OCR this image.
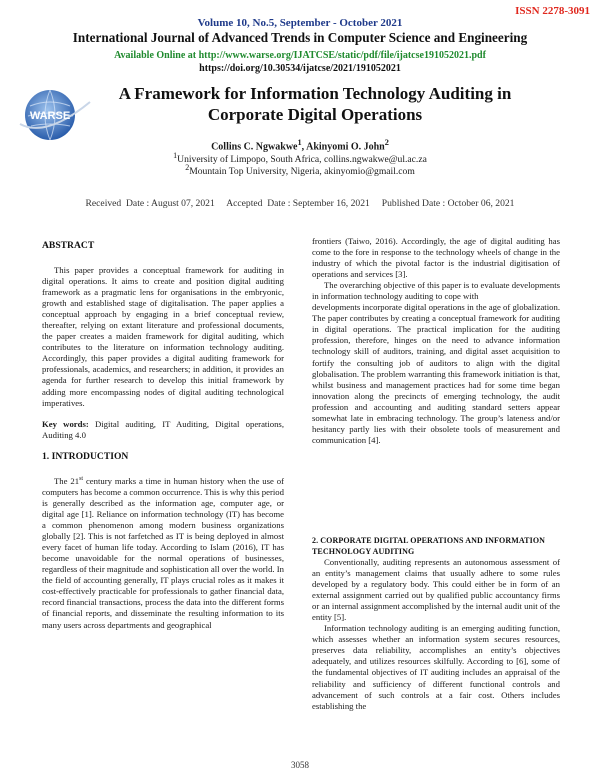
ISSN 2278-3091
Volume 10, No.5, September - October 2021
International Journal of Advanced Trends in Computer Science and Engineering
Available Online at http://www.warse.org/IJATCSE/static/pdf/file/ijatcse191052021.pdf
https://doi.org/10.30534/ijatcse/2021/191052021
WARSE
A Framework for Information Technology Auditing in
Corporate Digital Operations
Collins C. Ngwakwe$^1$, Akinyomi O. John$^2$
$^1$University of Limpopo, South Africa, collins.ngwakwe@ul.ac.za
$^2$Mountain Top University, Nigeria, akinyomio@gmail.com
Received  Date : August 07, 2021     Accepted  Date : September 16, 2021     Published Date : October 06, 2021
ABSTRACT

This paper provides a conceptual framework for auditing in digital operations. It aims to create and position digital auditing framework as a pragmatic lens for organisations in the embryonic, growth and established stage of digitalisation. The paper applies a conceptual approach by engaging in a brief conceptual review, thereafter, relying on extant literature and professional documents, the paper creates a maiden framework for digital auditing, which contributes to the literature on information technology auditing. Accordingly, this paper provides a digital auditing framework for professionals, academics, and researchers; in addition, it provides an agenda for further research to develop this initial framework by adding more encompassing nodes of digital auditing technological imperatives.

Key words: Digital auditing, IT Auditing, Digital operations, Auditing 4.0
1. INTRODUCTION

The 21st century marks a time in human history when the use of computers has become a common occurrence. This is why this period is generally described as the information age, computer age, or digital age [1]. Reliance on information technology (IT) has become a common phenomenon among modern business organizations globally [2]. This is not farfetched as IT is being deployed in almost every facet of human life today. According to Islam (2016), IT has become unavoidable for the normal operations of businesses, regardless of their magnitude and sophistication all over the world. In the field of accounting generally, IT plays crucial roles as it makes it cost-effectively practicable for professionals to gather financial data, record financial transactions, process the data into the different forms of financial reports, and disseminate the resulting information to its many users across departments and geographical

frontiers (Taiwo, 2016). Accordingly, the age of digital auditing has come to the fore in response to the technology wheels of change in the industry of which the pivotal factor is the industrial digitisation of operations and services [3].

The overarching objective of this paper is to evaluate developments in information technology auditing to cope with

developments incorporate digital operations in the age of globalization. The paper contributes by creating a conceptual framework for auditing in digital operations. The practical implication for the auditing profession, therefore, hinges on the need to advance information technology skill of auditors, training, and digital asset acquisition to fortify the consulting job of auditors to align with the digital globalisation. The problem warranting this framework initiation is that, whilst business and management practices had for some time began innovation along the precincts of emerging technology, the audit profession and accounting and auditing standard setters appear somewhat late in embracing technology. The group’s lateness and/or hesitancy partly lies with their obsolete tools of measurement and communication [4].

2. CORPORATE DIGITAL OPERATIONS AND INFORMATION
TECHNOLOGY AUDITING

Conventionally, auditing represents an autonomous assessment of an entity’s management claims that usually adhere to some rules developed by a regulatory body. This could either be in form of an external assignment carried out by qualified public accountancy firms or an internal assignment accomplished by the internal audit unit of the entity [5].

Information technology auditing is an emerging auditing function, which assesses whether an information system secures resources, preserves data reliability, accomplishes an entity’s objectives adequately, and utilizes resources skilfully. According to [6], some of the fundamental objectives of IT auditing includes an appraisal of the reliability and sufficiency of different functional controls and advancement of such controls at a fair cost. Others includes establishing the

3058
